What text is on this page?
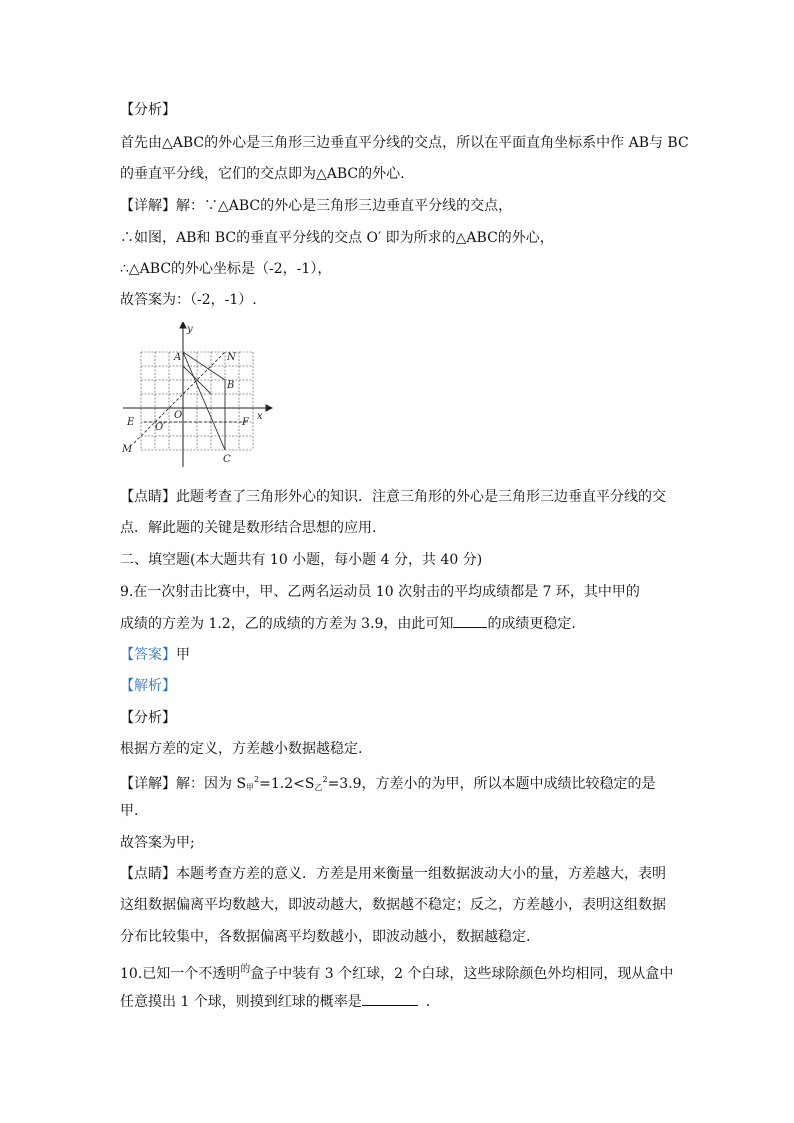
【分析】
首先由△ABC的外心是三角形三边垂直平分线的交点，所以在平面直角坐标系中作 AB与 BC
的垂直平分线，它们的交点即为△ABC的外心.
【详解】解：∵△ABC的外心是三角形三边垂直平分线的交点，
∴如图，AB和 BC的垂直平分线的交点 O′ 即为所求的△ABC的外心，
∴△ABC的外心坐标是（-2，-1），
故答案为：（-2，-1）.
y
x
A	N
B
O
O′
E	F
M
C
【点睛】此题考查了三角形外心的知识．注意三角形的外心是三角形三边垂直平分线的交
点．解此题的关键是数形结合思想的应用.
二、填空题(本大题共有 10 小题，每小题 4 分，共 40 分)
9.在一次射击比赛中，甲、乙两名运动员 10 次射击的平均成绩都是 7 环，其中甲的
成绩的方差为 1.2，乙的成绩的方差为 3.9，由此可知 的成绩更稳定.
【答案】甲
【解析】
【分析】
根据方差的定义，方差越小数据越稳定.
【详解】解：因为 $S_甲^2=1.2<S_乙^2=3.9$，方差小的为甲，所以本题中成绩比较稳定的是
甲.
故答案为甲;
【点睛】本题考查方差的意义．方差是用来衡量一组数据波动大小的量，方差越大，表明
这组数据偏离平均数越大，即波动越大，数据越不稳定；反之，方差越小，表明这组数据
分布比较集中，各数据偏离平均数越小，即波动越小，数据越稳定.
10.已知一个不透明$^的$盒子中装有 3 个红球，2 个白球，这些球除颜色外均相同，现从盒中
任意摸出 1 个球，则摸到红球的概率是	．
